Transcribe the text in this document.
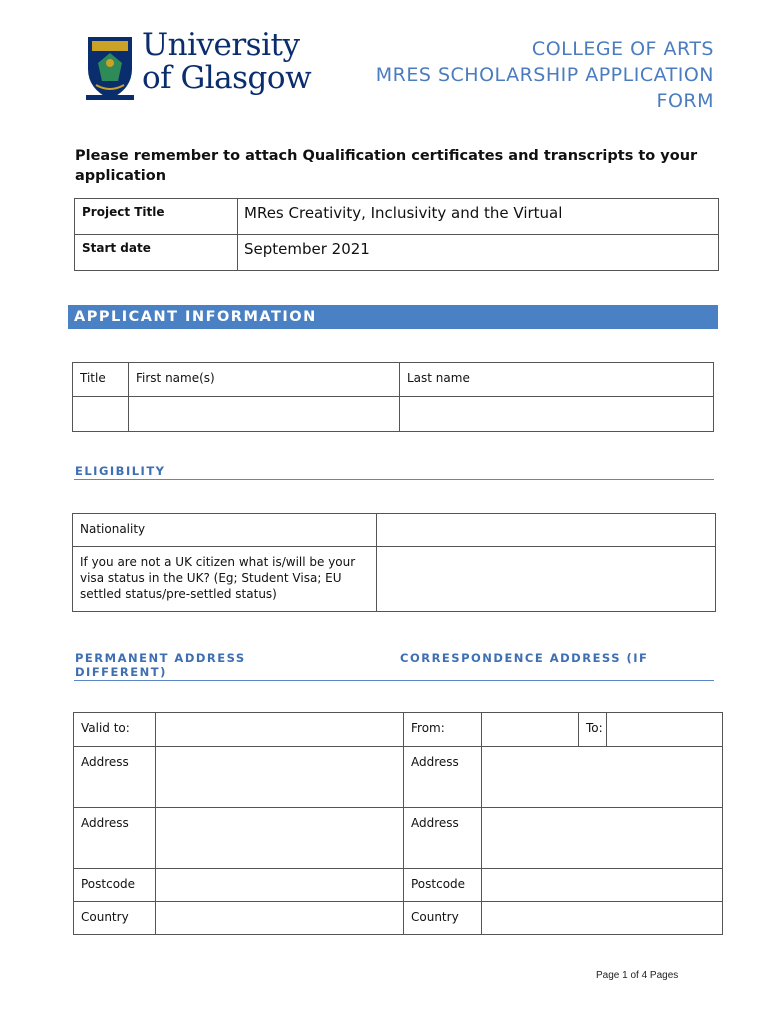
University
of Glasgow
COLLEGE OF ARTS
MRES SCHOLARSHIP APPLICATION
FORM
Please remember to attach Qualification certificates and transcripts to your application
Project Title	MRes Creativity, Inclusivity and the Virtual
Start date	September 2021
APPLICANT INFORMATION
Title	First name(s)	Last name

ELIGIBILITY
Nationality	
If you are not a UK citizen what is/will be your visa status in the UK? (Eg; Student Visa; EU settled status/pre-settled status)	
PERMANENT ADDRESS	CORRESPONDENCE ADDRESS (IF
DIFFERENT)
Valid to:		From:	To:

Address		Address	
Address		Address	
Postcode		Postcode	
Country		Country	
Page 1 of 4 Pages
